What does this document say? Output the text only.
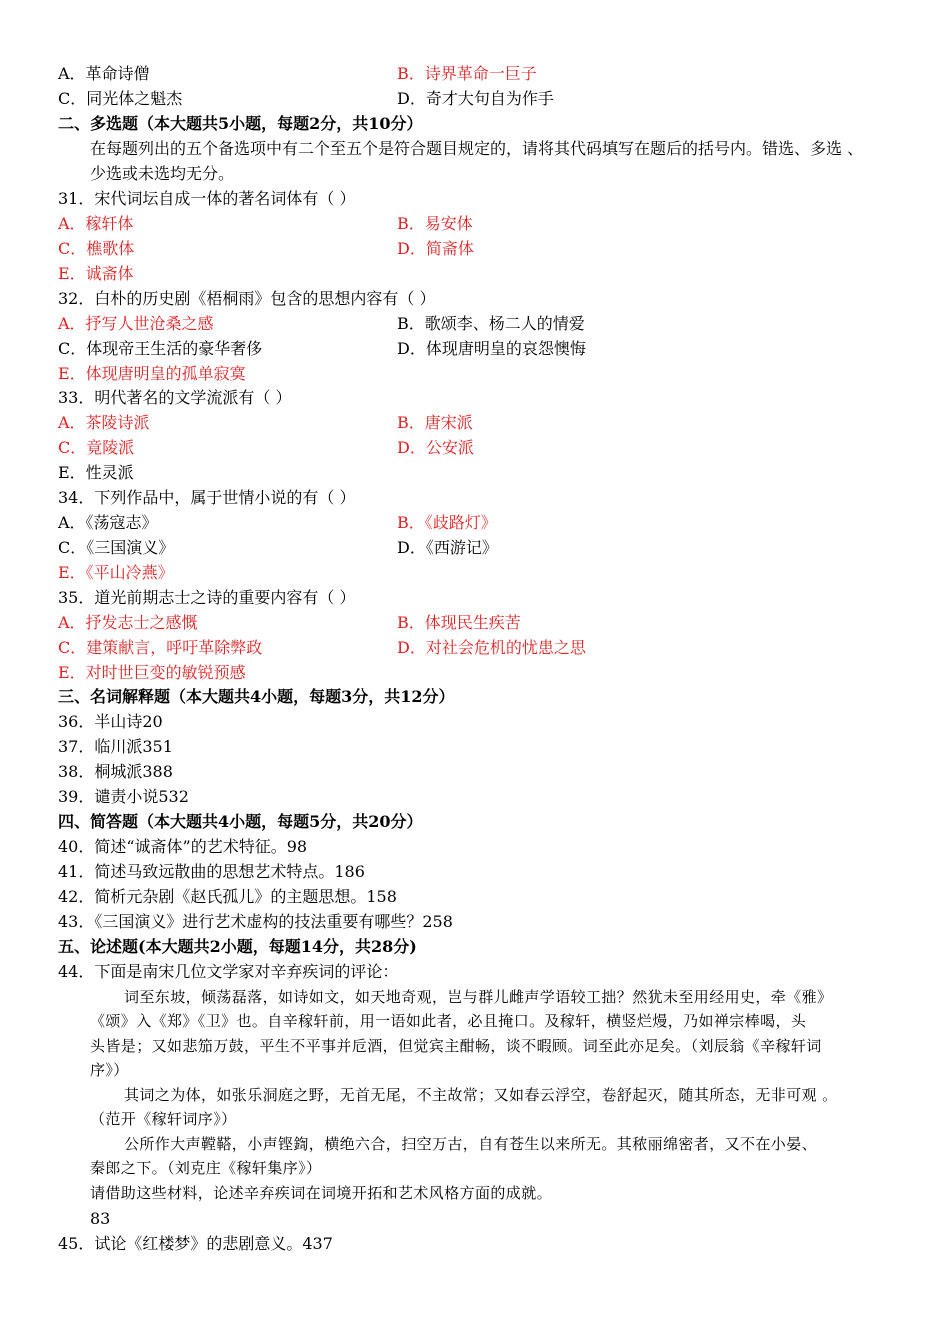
A．革命诗僧	B．诗界革命一巨子
C．同光体之魁杰	D．奇才大句自为作手
二、多选题（本大题共5小题，每题2分，共10分）
在每题列出的五个备选项中有二个至五个是符合题目规定的，请将其代码填写在题后的括号内。错选、多选 、
少选或未选均无分。
31．宋代词坛自成一体的著名词体有（ ）
A．稼轩体	B．易安体
C．樵歌体	D．简斋体
E．诚斋体
32．白朴的历史剧《梧桐雨》包含的思想内容有（ ）
A．抒写人世沧桑之感	B．歌颂李、杨二人的情爱
C．体现帝王生活的豪华奢侈	D．体现唐明皇的哀怨懊悔
E．体现唐明皇的孤单寂寞
33．明代著名的文学流派有（ ）
A．茶陵诗派	B．唐宋派
C．竟陵派	D．公安派
E．性灵派
34．下列作品中，属于世情小说的有（ ）
A．《荡寇志》	B．《歧路灯》
C．《三国演义》	D．《西游记》
E．《平山冷燕》
35．道光前期志士之诗的重要内容有（ ）
A．抒发志士之感慨	B．体现民生疾苦
C．建策献言，呼吁革除弊政	D．对社会危机的忧患之思
E．对时世巨变的敏锐预感
三、名词解释题（本大题共4小题，每题3分，共12分）
36．半山诗20
37．临川派351
38．桐城派388
39．谴责小说532
四、简答题（本大题共4小题，每题5分，共20分）
40．简述“诚斋体”的艺术特征。98
41．简述马致远散曲的思想艺术特点。186
42．简析元杂剧《赵氏孤儿》的主题思想。158
43．《三国演义》进行艺术虚构的技法重要有哪些？258
五、论述题(本大题共2小题，每题14分，共28分)
44．下面是南宋几位文学家对辛弃疾词的评论：
词至东坡，倾荡磊落，如诗如文，如天地奇观，岂与群儿雌声学语较工拙？然犹未至用经用史，牵《雅》
《颂》入《郑》《卫》也。自辛稼轩前，用一语如此者，必且掩口。及稼轩，横竖烂熳，乃如禅宗棒喝，头
头皆是；又如悲笳万鼓，平生不平事并卮酒，但觉宾主酣畅，谈不暇顾。词至此亦足矣。（刘辰翁《辛稼轩词
序》）
其词之为体，如张乐洞庭之野，无首无尾，不主故常；又如春云浮空，卷舒起灭，随其所态，无非可观 。
（范开《稼轩词序》）
公所作大声鞺鞳，小声铿鍧，横绝六合，扫空万古，自有苍生以来所无。其秾丽绵密者，又不在小晏、
秦郎之下。（刘克庄《稼轩集序》）
请借助这些材料，论述辛弃疾词在词境开拓和艺术风格方面的成就。
83
45．试论《红楼梦》的悲剧意义。437
